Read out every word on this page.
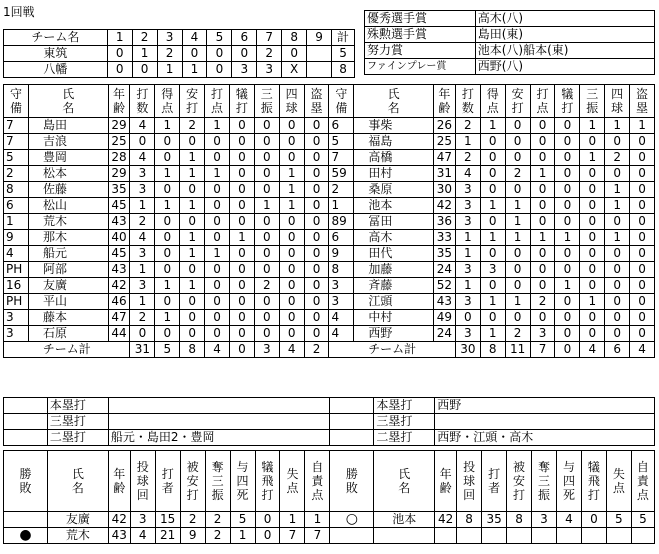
1回戦	優秀選手賞	高木(八)
殊勲選手賞	島田(東)
努力賞	池本(八)船本(東)
ファインプレー賞	西野(八)
チーム名	1	2	3	4	5	6	7	8	9	計
東筑	0	1	2	0	0	0	2	0		5
八幡	0	0	1	1	0	3	3	X		8
守備	氏名	年齢	打数	得点	安打	打点	犠打	三振	四球	盗塁	守備	氏名	年齢	打数	得点	安打	打点	犠打	三振	四球	盗塁

7	島田	29	4	1	2	1	0	0	0	0	6	事柴	26	2	1	0	0	0	1	1	1
7	吉浪	25	0	0	0	0	0	0	0	0	5	福島	25	1	0	0	0	0	0	0	0
5	豊岡	28	4	0	1	0	0	0	0	0	7	高橋	47	2	0	0	0	0	1	2	0
2	松本	29	3	1	1	1	0	0	1	0	59	田村	31	4	0	2	1	0	0	0	0
8	佐藤	35	3	0	0	0	0	0	1	0	2	桑原	30	3	0	0	0	0	0	1	0
6	松山	45	1	1	1	0	0	1	1	0	1	池本	42	3	1	1	0	0	0	1	0
1	荒木	43	2	0	0	0	0	0	0	0	89	冨田	36	3	0	1	0	0	0	0	0
9	那木	40	4	0	1	0	1	0	0	0	6	高木	33	1	1	1	1	1	0	1	0
4	船元	45	3	0	1	1	0	0	0	0	9	田代	35	1	0	0	0	0	0	0	0
PH	阿部	43	1	0	0	0	0	0	0	0	8	加藤	24	3	3	0	0	0	0	0	0
16	友廣	42	3	1	1	0	0	2	0	0	3	斉藤	52	1	0	0	0	1	0	0	0
PH	平山	46	1	0	0	0	0	0	0	0	3	江頭	43	3	1	1	2	0	1	0	0
3	藤本	47	2	1	0	0	0	0	0	0	4	中村	49	0	0	0	0	0	0	0	0
3	石原	44	0	0	0	0	0	0	0	0	4	西野	24	3	1	2	3	0	0	0	0
チーム計			31	5	8	4	0	3	4	2	チーム計			30	8	11	7	0	4	6	4
	本塁打			本塁打	西野
	三塁打			三塁打	
	二塁打	船元・島田2・豊岡		二塁打	西野・江頭・高木
勝敗	氏名	年齢	投球回	打者	被安打	奪三振	与四死	犠飛打	失点	自責点	勝敗	氏名	年齢	投球回	打者	被安打	奪三振	与四死	犠飛打	失点	自責点

	友廣	42	3	15	2	2	5	0	1	1	○	池本	42	8	35	8	3	4	0	5	5
●	荒木	43	4	21	9	2	1	0	7	7											
